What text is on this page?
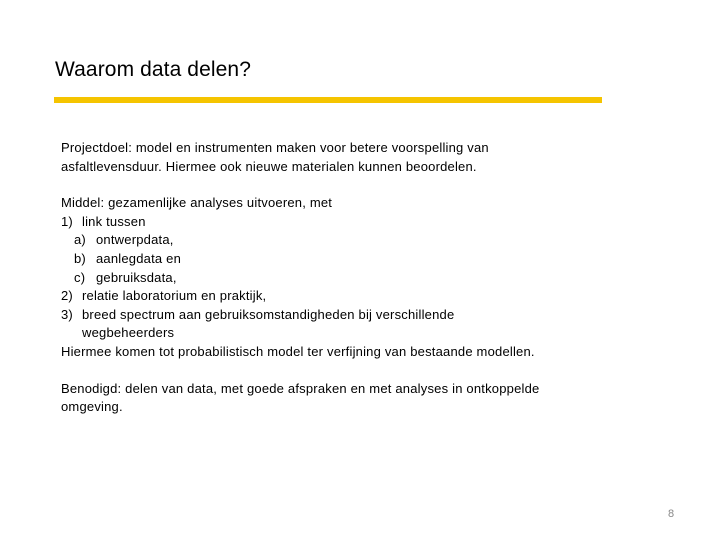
Waarom data delen?
Projectdoel: model en instrumenten maken voor betere voorspelling van
asfaltlevensduur. Hiermee ook nieuwe materialen kunnen beoordelen.
Middel: gezamenlijke analyses uitvoeren, met
1) link tussen
a) ontwerpdata,
b) aanlegdata en
c) gebruiksdata,
2) relatie laboratorium en praktijk,
3) breed spectrum aan gebruiksomstandigheden bij verschillende
wegbeheerders
Hiermee komen tot probabilistisch model ter verfijning van bestaande modellen.
Benodigd: delen van data, met goede afspraken en met analyses in ontkoppelde
omgeving.
8
